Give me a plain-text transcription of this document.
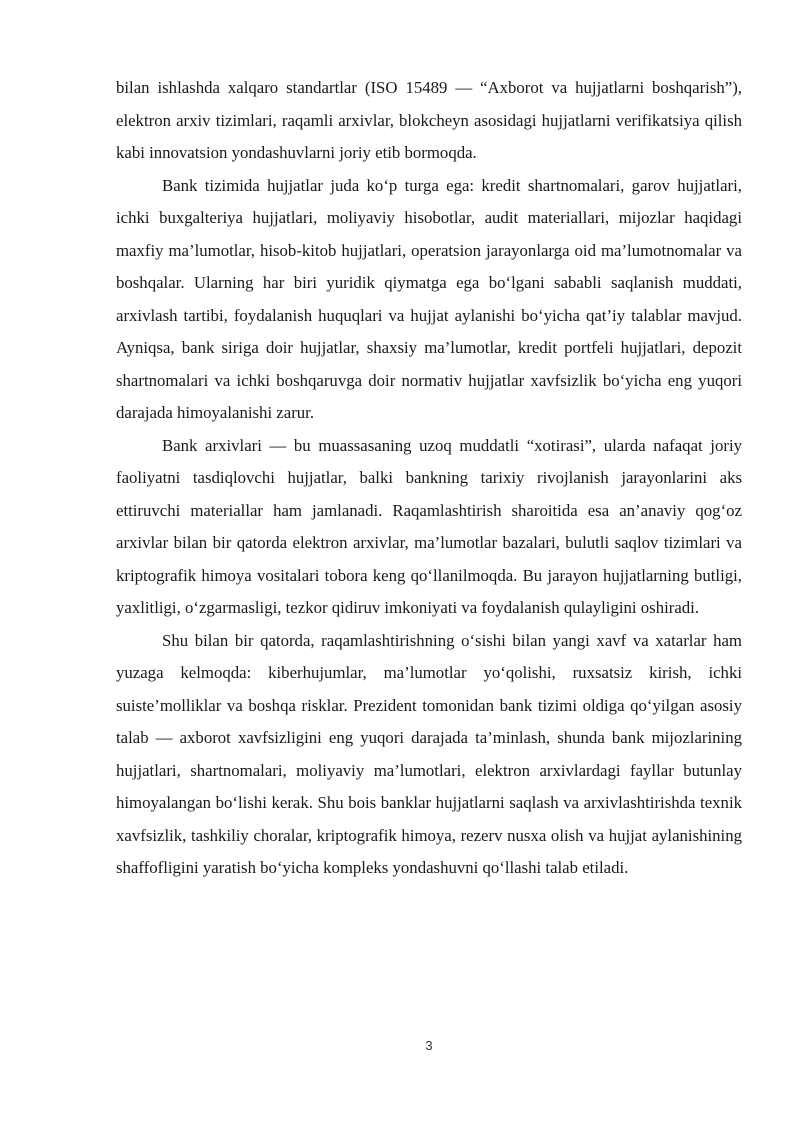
bilan ishlashda xalqaro standartlar (ISO 15489 — “Axborot va hujjatlarni boshqarish”), elektron arxiv tizimlari, raqamli arxivlar, blokcheyn asosidagi hujjatlarni verifikatsiya qilish kabi innovatsion yondashuvlarni joriy etib bormoqda.

Bank tizimida hujjatlar juda ko‘p turga ega: kredit shartnomalari, garov hujjatlari, ichki buxgalteriya hujjatlari, moliyaviy hisobotlar, audit materiallari, mijozlar haqidagi maxfiy ma’lumotlar, hisob-kitob hujjatlari, operatsion jarayonlarga oid ma’lumotnomalar va boshqalar. Ularning har biri yuridik qiymatga ega bo‘lgani sababli saqlanish muddati, arxivlash tartibi, foydalanish huquqlari va hujjat aylanishi bo‘yicha qat’iy talablar mavjud. Ayniqsa, bank siriga doir hujjatlar, shaxsiy ma’lumotlar, kredit portfeli hujjatlari, depozit shartnomalari va ichki boshqaruvga doir normativ hujjatlar xavfsizlik bo‘yicha eng yuqori darajada himoyalanishi zarur.

Bank arxivlari — bu muassasaning uzoq muddatli “xotirasi”, ularda nafaqat joriy faoliyatni tasdiqlovchi hujjatlar, balki bankning tarixiy rivojlanish jarayonlarini aks ettiruvchi materiallar ham jamlanadi. Raqamlashtirish sharoitida esa an’anaviy qog‘oz arxivlar bilan bir qatorda elektron arxivlar, ma’lumotlar bazalari, bulutli saqlov tizimlari va kriptografik himoya vositalari tobora keng qo‘llanilmoqda. Bu jarayon hujjatlarning butligi, yaxlitligi, o‘zgarmasligi, tezkor qidiruv imkoniyati va foydalanish qulayligini oshiradi.

Shu bilan bir qatorda, raqamlashtirishning o‘sishi bilan yangi xavf va xatarlar ham yuzaga kelmoqda: kiberhujumlar, ma’lumotlar yo‘qolishi, ruxsatsiz kirish, ichki suiste’molliklar va boshqa risklar. Prezident tomonidan bank tizimi oldiga qo‘yilgan asosiy talab — axborot xavfsizligini eng yuqori darajada ta’minlash, shunda bank mijozlarining hujjatlari, shartnomalari, moliyaviy ma’lumotlari, elektron arxivlardagi fayllar butunlay himoyalangan bo‘lishi kerak. Shu bois banklar hujjatlarni saqlash va arxivlashtirishda texnik xavfsizlik, tashkiliy choralar, kriptografik himoya, rezerv nusxa olish va hujjat aylanishining shaffofligini yaratish bo‘yicha kompleks yondashuvni qo‘llashi talab etiladi.

3
